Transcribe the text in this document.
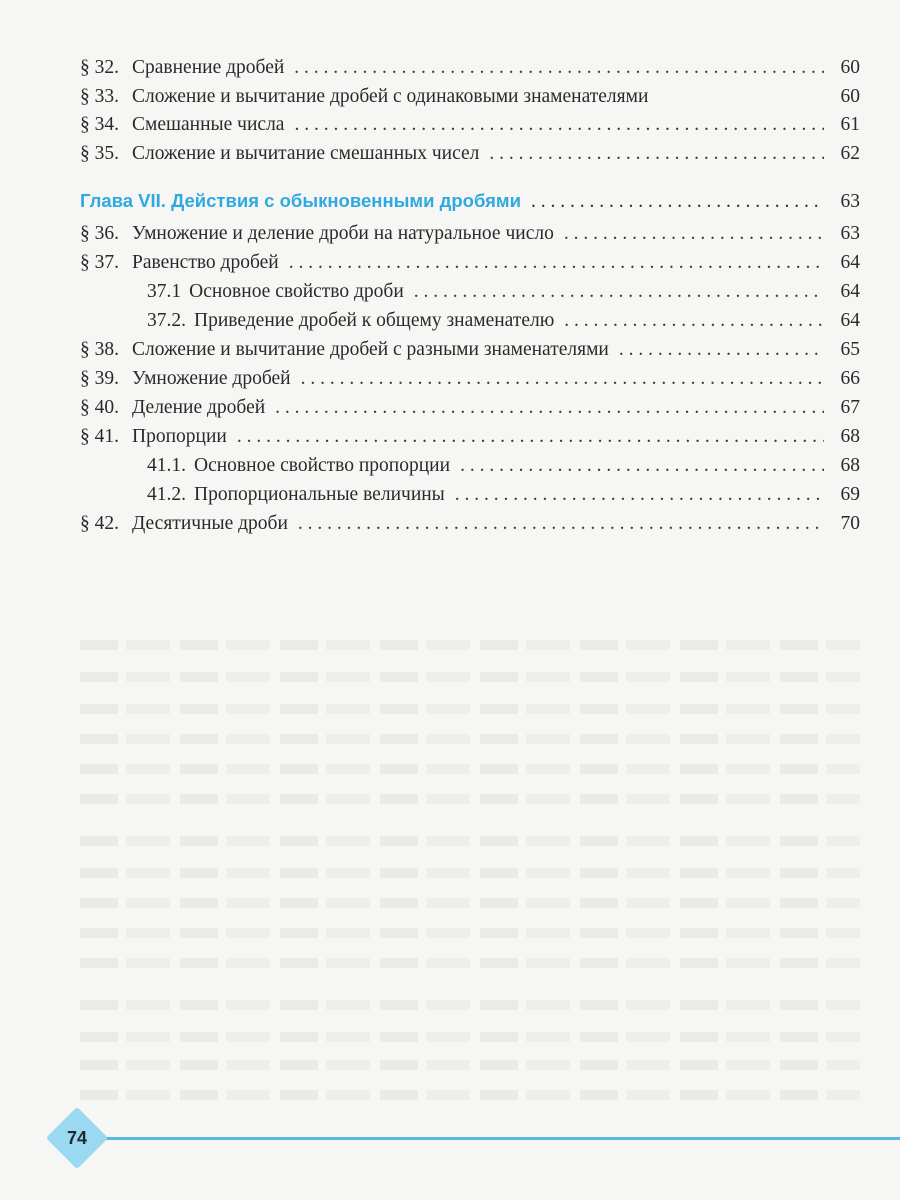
§ 32. Сравнение дробей . . .	60
§ 33. Сложение и вычитание дробей с одинаковыми знаменателями	60
§ 34. Смешанные числа . . .	61
§ 35. Сложение и вычитание смешанных чисел . . .	62
Глава VII. Действия с обыкновенными дробями . . .	63
§ 36. Умножение и деление дроби на натуральное число . . .	63
§ 37. Равенство дробей . . .	64
37.1 Основное свойство дроби . . .	64
37.2. Приведение дробей к общему знаменателю . . .	64
§ 38. Сложение и вычитание дробей с разными знаменателями . . .	65
§ 39. Умножение дробей . . .	66
§ 40. Деление дробей . . .	67
§ 41. Пропорции . . .	68
41.1. Основное свойство пропорции . . .	68
41.2. Пропорциональные величины . . .	69
§ 42. Десятичные дроби . . .	70
74
